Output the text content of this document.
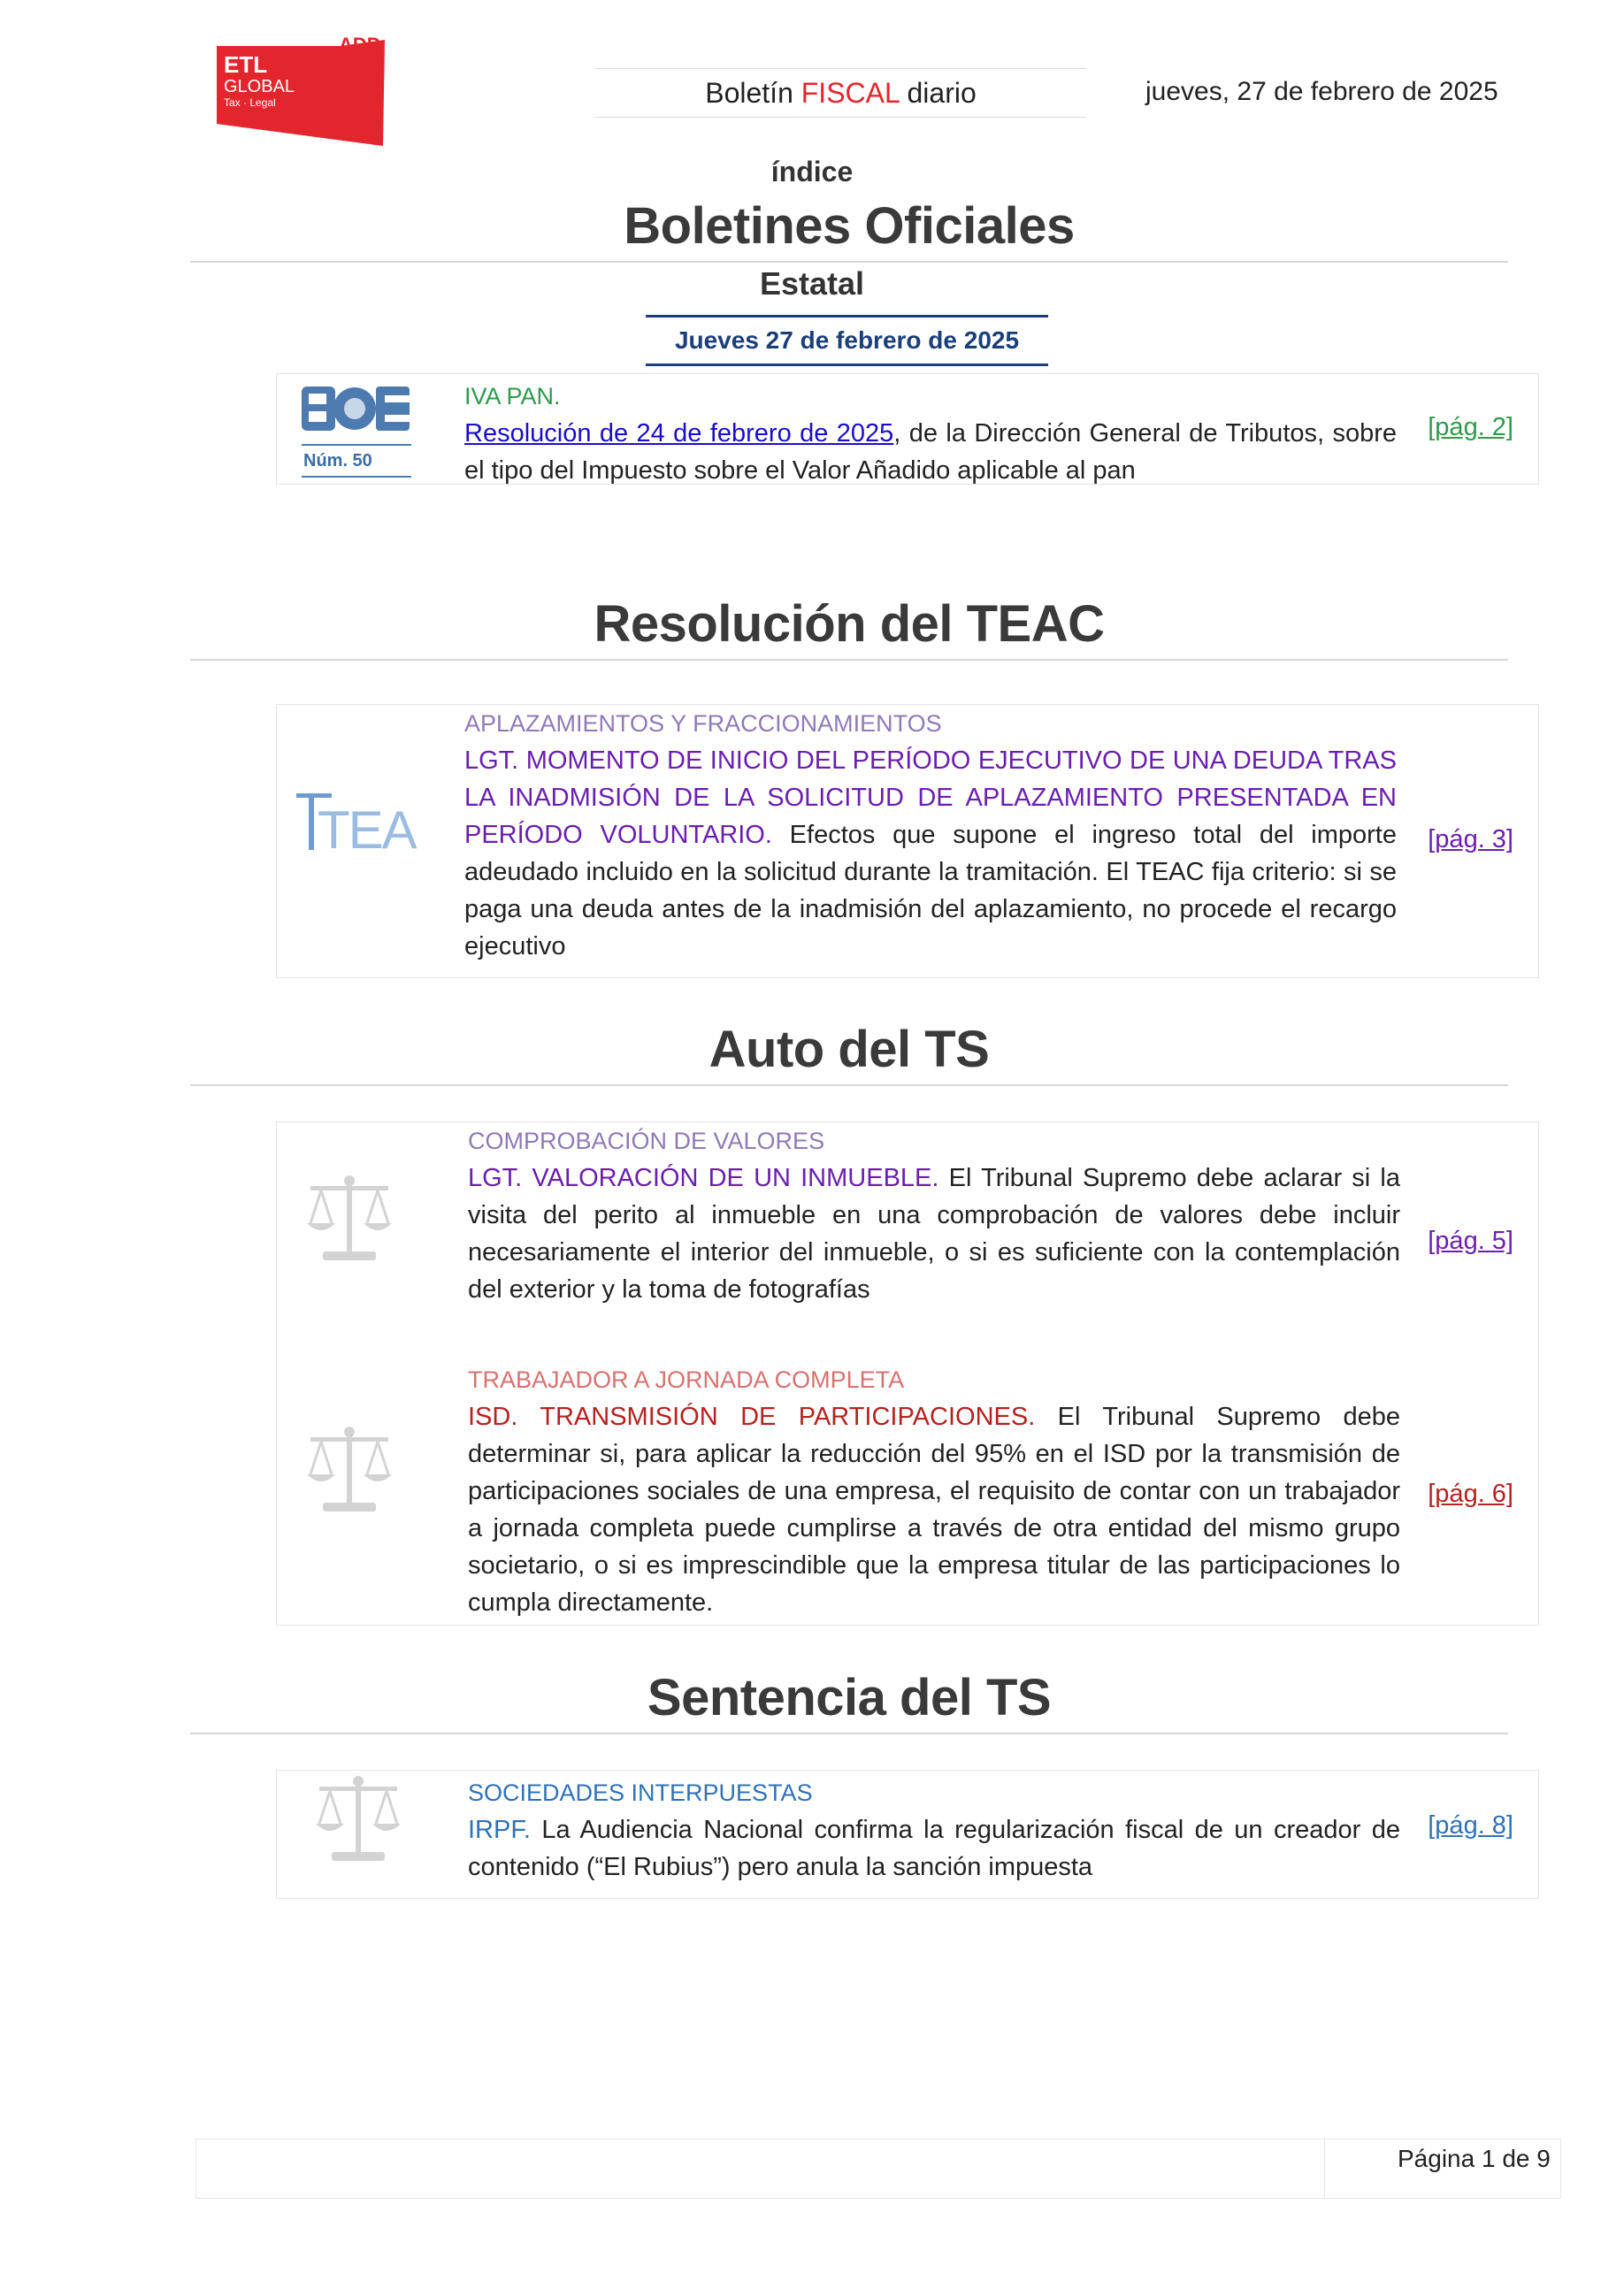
ADD
ETL
GLOBAL
Tax · Legal	Boletín FISCAL diario	jueves, 27 de febrero de 2025
índice
Boletines Oficiales
Estatal
Jueves 27 de febrero de 2025
Núm. 50
IVA PAN.
Resolución de 24 de febrero de 2025, de la Dirección General de Tributos, sobre el tipo del Impuesto sobre el Valor Añadido aplicable al pan
[pág. 2]
Resolución del TEAC
TEA
APLAZAMIENTOS Y FRACCIONAMIENTOS
LGT. MOMENTO DE INICIO DEL PERÍODO EJECUTIVO DE UNA DEUDA TRAS LA INADMISIÓN DE LA SOLICITUD DE APLAZAMIENTO PRESENTADA EN PERÍODO VOLUNTARIO. Efectos que supone el ingreso total del importe adeudado incluido en la solicitud durante la tramitación. El TEAC fija criterio: si se paga una deuda antes de la inadmisión del aplazamiento, no procede el recargo ejecutivo
[pág. 3]
Auto del TS
COMPROBACIÓN DE VALORES
LGT. VALORACIÓN DE UN INMUEBLE. El Tribunal Supremo debe aclarar si la visita del perito al inmueble en una comprobación de valores debe incluir necesariamente el interior del inmueble, o si es suficiente con la contemplación del exterior y la toma de fotografías
[pág. 5]
TRABAJADOR A JORNADA COMPLETA
ISD. TRANSMISIÓN DE PARTICIPACIONES. El Tribunal Supremo debe determinar si, para aplicar la reducción del 95% en el ISD por la transmisión de participaciones sociales de una empresa, el requisito de contar con un trabajador a jornada completa puede cumplirse a través de otra entidad del mismo grupo societario, o si es imprescindible que la empresa titular de las participaciones lo cumpla directamente.
[pág. 6]
Sentencia del TS
SOCIEDADES INTERPUESTAS
IRPF. La Audiencia Nacional confirma la regularización fiscal de un creador de contenido (“El Rubius”) pero anula la sanción impuesta
[pág. 8]
Página 1 de 9
